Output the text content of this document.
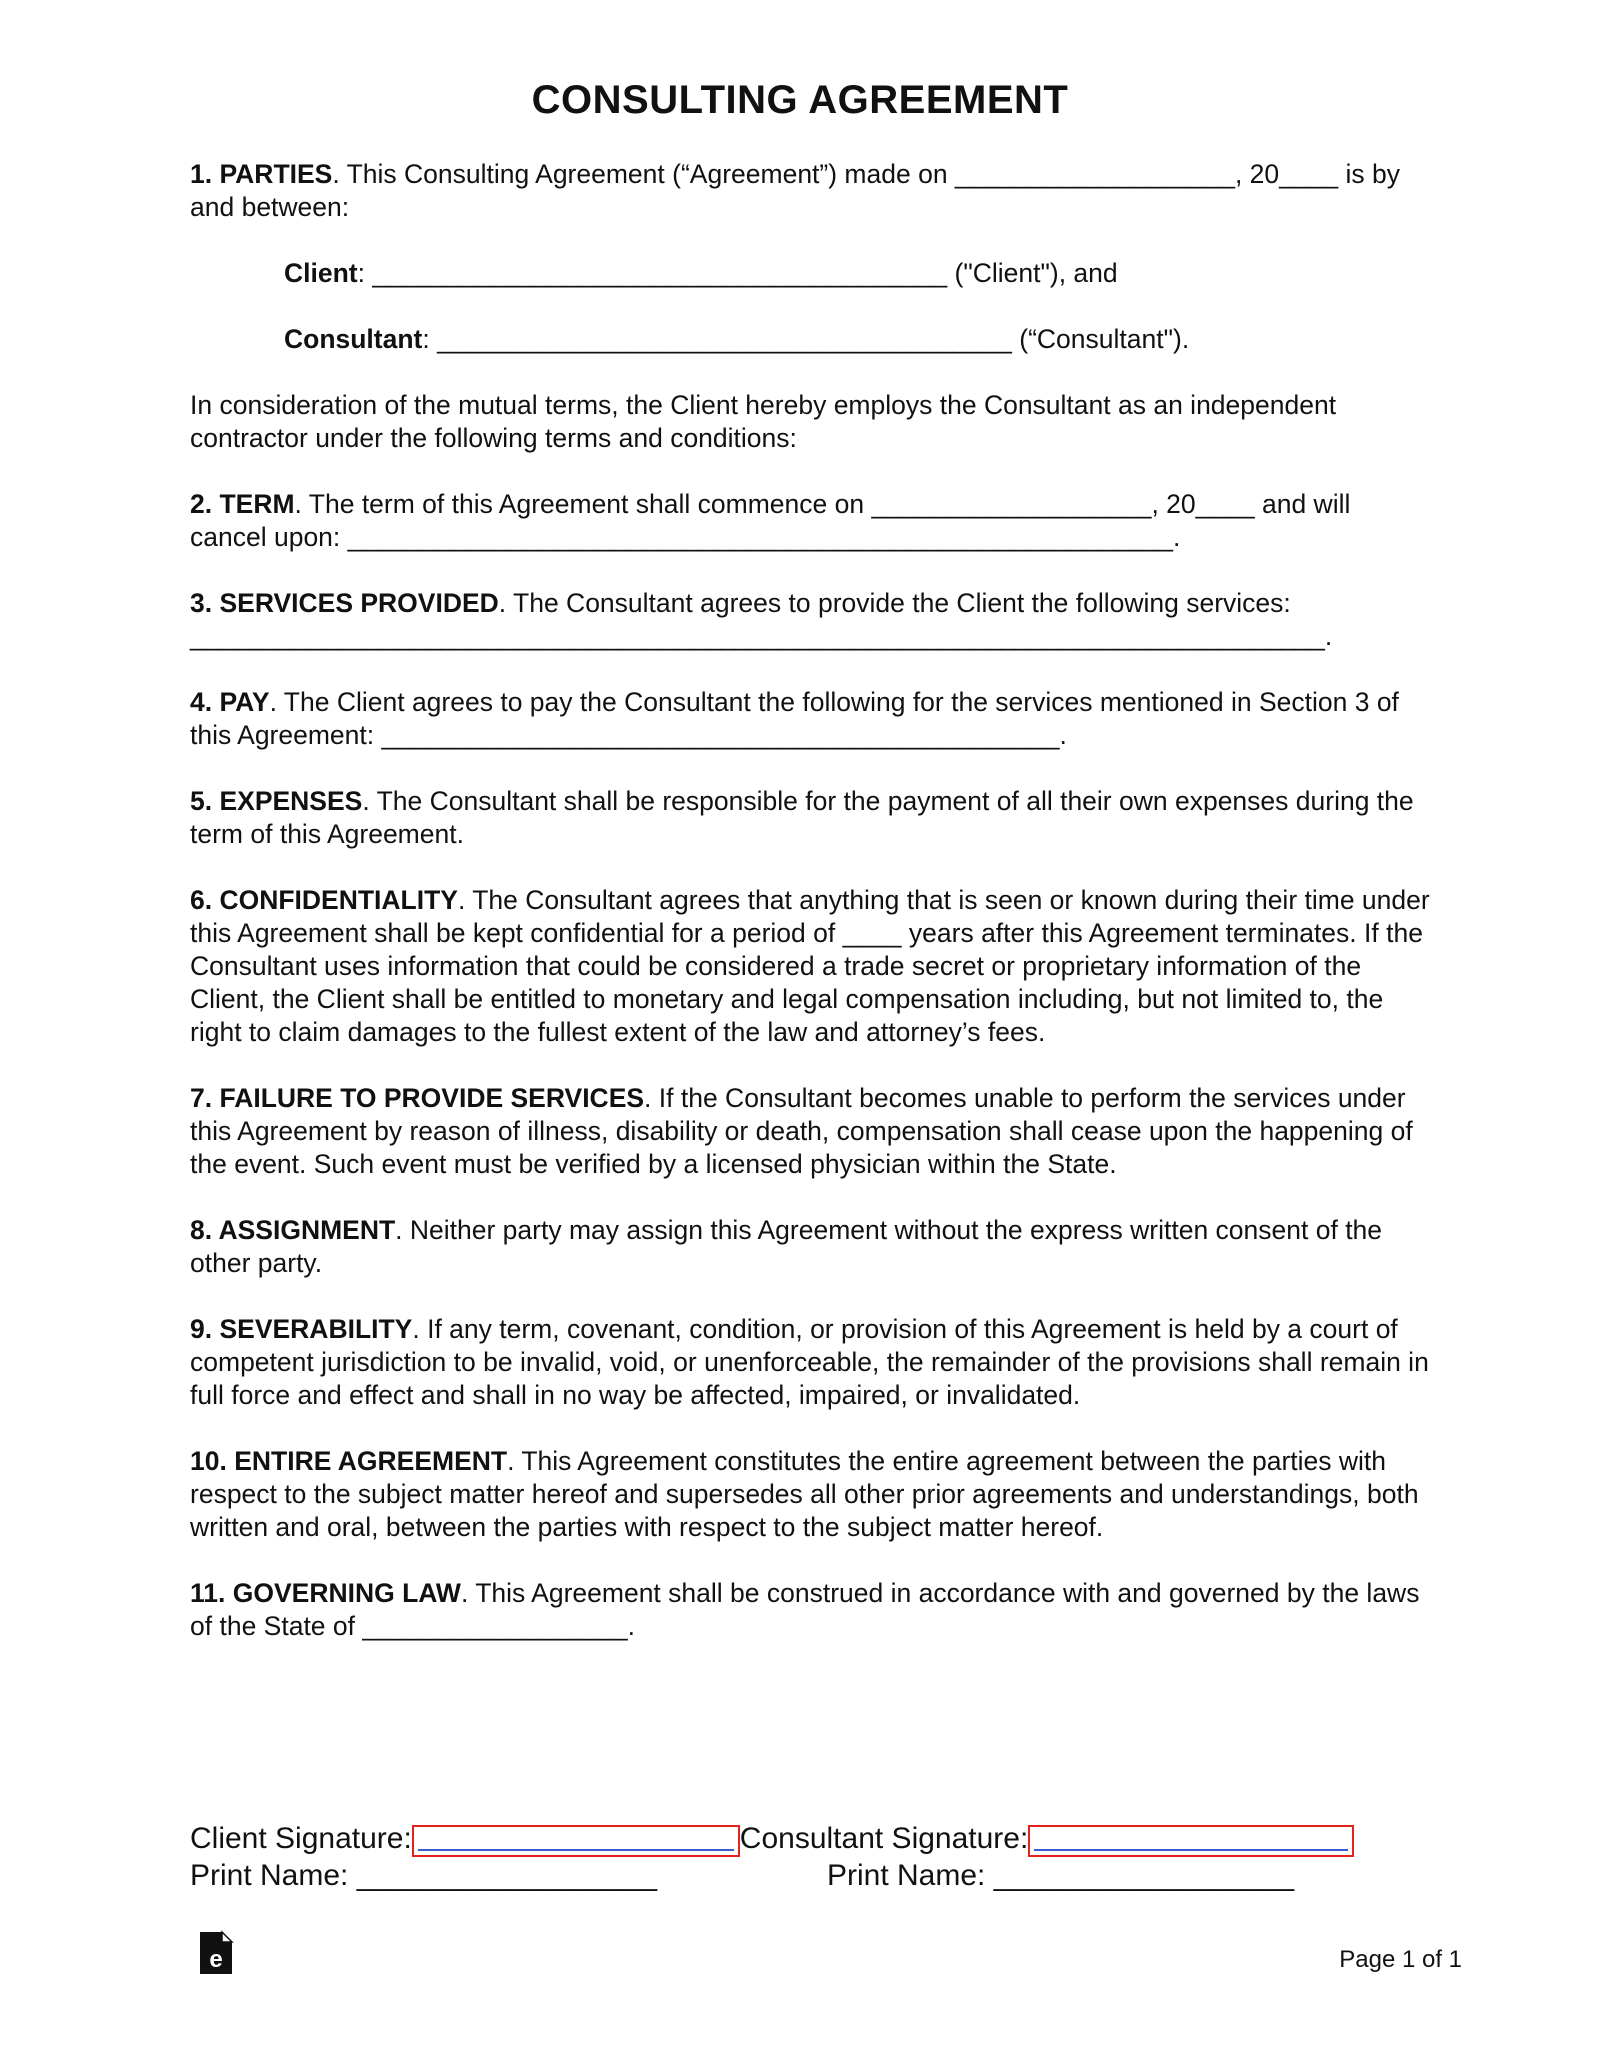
CONSULTING AGREEMENT

1. PARTIES. This Consulting Agreement (“Agreement”) made on ___________________, 20____ is by and between:

Client: _______________________________________ ("Client"), and

Consultant: _______________________________________ (“Consultant").

In consideration of the mutual terms, the Client hereby employs the Consultant as an independent contractor under the following terms and conditions:

2. TERM. The term of this Agreement shall commence on ___________________, 20____ and will cancel upon: ________________________________________________________.

3. SERVICES PROVIDED. The Consultant agrees to provide the Client the following services: _____________________________________________________________________________.

4. PAY. The Client agrees to pay the Consultant the following for the services mentioned in Section 3 of this Agreement: ______________________________________________.

5. EXPENSES. The Consultant shall be responsible for the payment of all their own expenses during the term of this Agreement.

6. CONFIDENTIALITY. The Consultant agrees that anything that is seen or known during their time under this Agreement shall be kept confidential for a period of ____ years after this Agreement terminates. If the Consultant uses information that could be considered a trade secret or proprietary information of the Client, the Client shall be entitled to monetary and legal compensation including, but not limited to, the right to claim damages to the fullest extent of the law and attorney’s fees.

7. FAILURE TO PROVIDE SERVICES. If the Consultant becomes unable to perform the services under this Agreement by reason of illness, disability or death, compensation shall cease upon the happening of the event. Such event must be verified by a licensed physician within the State.

8. ASSIGNMENT. Neither party may assign this Agreement without the express written consent of the other party.

9. SEVERABILITY. If any term, covenant, condition, or provision of this Agreement is held by a court of competent jurisdiction to be invalid, void, or unenforceable, the remainder of the provisions shall remain in full force and effect and shall in no way be affected, impaired, or invalidated.

10. ENTIRE AGREEMENT. This Agreement constitutes the entire agreement between the parties with respect to the subject matter hereof and supersedes all other prior agreements and understandings, both written and oral, between the parties with respect to the subject matter hereof.

11. GOVERNING LAW. This Agreement shall be construed in accordance with and governed by the laws of the State of __________________.

Client Signature:	Consultant Signature:
Print Name: __________________	Print Name: __________________
e	Page 1 of 1
